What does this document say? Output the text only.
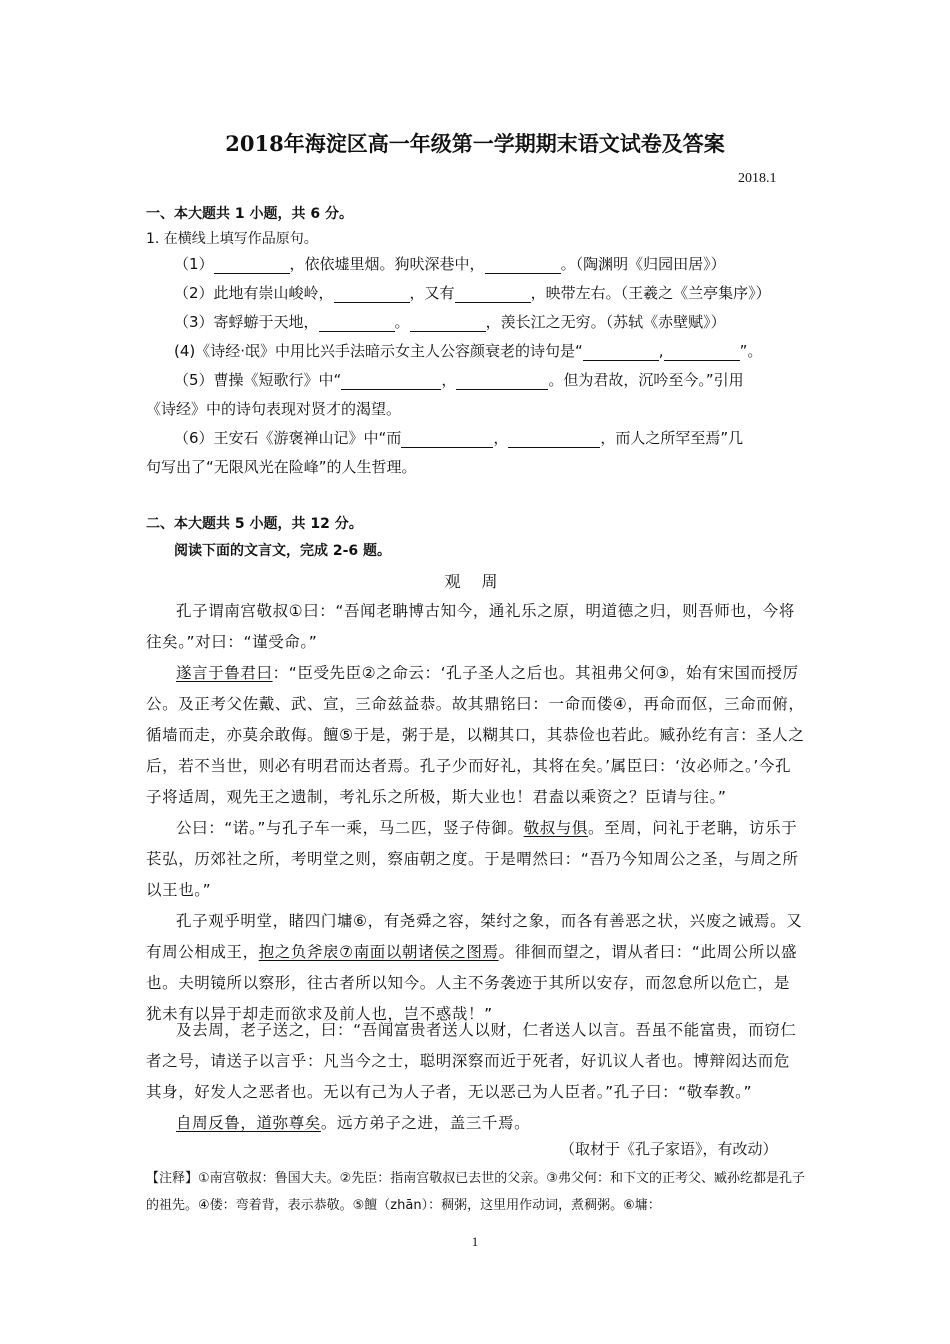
2018年海淀区高一年级第一学期期末语文试卷及答案
2018.1
一、本大题共 1 小题，共 6 分。
1. 在横线上填写作品原句。
（1）	，依依墟里烟。狗吠深巷中，	。（陶渊明《归园田居》）
（2）此地有崇山峻岭，	，又有	，映带左右。（王羲之《兰亭集序》）
（3）寄蜉蝣于天地，	。	，羡长江之无穷。（苏轼《赤壁赋》）
(4)《诗经·氓》中用比兴手法暗示女主人公容颜衰老的诗句是“	,	”。
（5）曹操《短歌行》中“	，	。但为君故，沉吟至今。”引用
《诗经》中的诗句表现对贤才的渴望。
（6）王安石《游褒禅山记》中“而	，	，而人之所罕至焉”几
句写出了“无限风光在险峰”的人生哲理。
二、本大题共 5 小题，共 12 分。
阅读下面的文言文，完成 2-6 题。
观 周
孔子谓南宫敬叔①曰：“吾闻老聃博古知今，通礼乐之原，明道德之归，则吾师也，今将往矣。”对曰：“谨受命。”
遂言于鲁君曰：“臣受先臣②之命云：‘孔子圣人之后也。其祖弗父何③，始有宋国而授厉公。及正考父佐戴、武、宣，三命兹益恭。故其鼎铭曰：一命而偻④，再命而伛，三命而俯，循墙而走，亦莫余敢侮。饘⑤于是，粥于是，以糊其口，其恭俭也若此。臧孙纥有言：圣人之后，若不当世，则必有明君而达者焉。孔子少而好礼，其将在矣。’属臣曰：‘汝必师之。’今孔子将适周，观先王之遗制，考礼乐之所极，斯大业也！君盍以乘资之？臣请与往。”
公曰：“诺。”与孔子车一乘，马二匹，竖子侍御。敬叔与俱。至周，问礼于老聃，访乐于苌弘，历郊社之所，考明堂之则，察庙朝之度。于是喟然曰：“吾乃今知周公之圣，与周之所以王也。”
孔子观乎明堂，睹四门墉⑥，有尧舜之容，桀纣之象，而各有善恶之状，兴废之诫焉。又有周公相成王，抱之负斧扆⑦南面以朝诸侯之图焉。徘徊而望之，谓从者曰：“此周公所以盛也。夫明镜所以察形，往古者所以知今。人主不务袭迹于其所以安存，而忽怠所以危亡，是犹未有以异于却走而欲求及前人也，岂不惑哉！”
及去周，老子送之，曰：“吾闻富贵者送人以财，仁者送人以言。吾虽不能富贵，而窃仁者之号，请送子以言乎：凡当今之士，聪明深察而近于死者，好讥议人者也。博辩闳达而危其身，好发人之恶者也。无以有己为人子者，无以恶己为人臣者。”孔子曰：“敬奉教。”
自周反鲁，道弥尊矣。远方弟子之进，盖三千焉。
（取材于《孔子家语》，有改动）
【注释】①南宫敬叔：鲁国大夫。②先臣：指南宫敬叔已去世的父亲。③弗父何：和下文的正考父、臧孙纥都是孔子的祖先。④偻：弯着背，表示恭敬。⑤饘（zhān）：稠粥，这里用作动词，煮稠粥。⑥墉：
1
